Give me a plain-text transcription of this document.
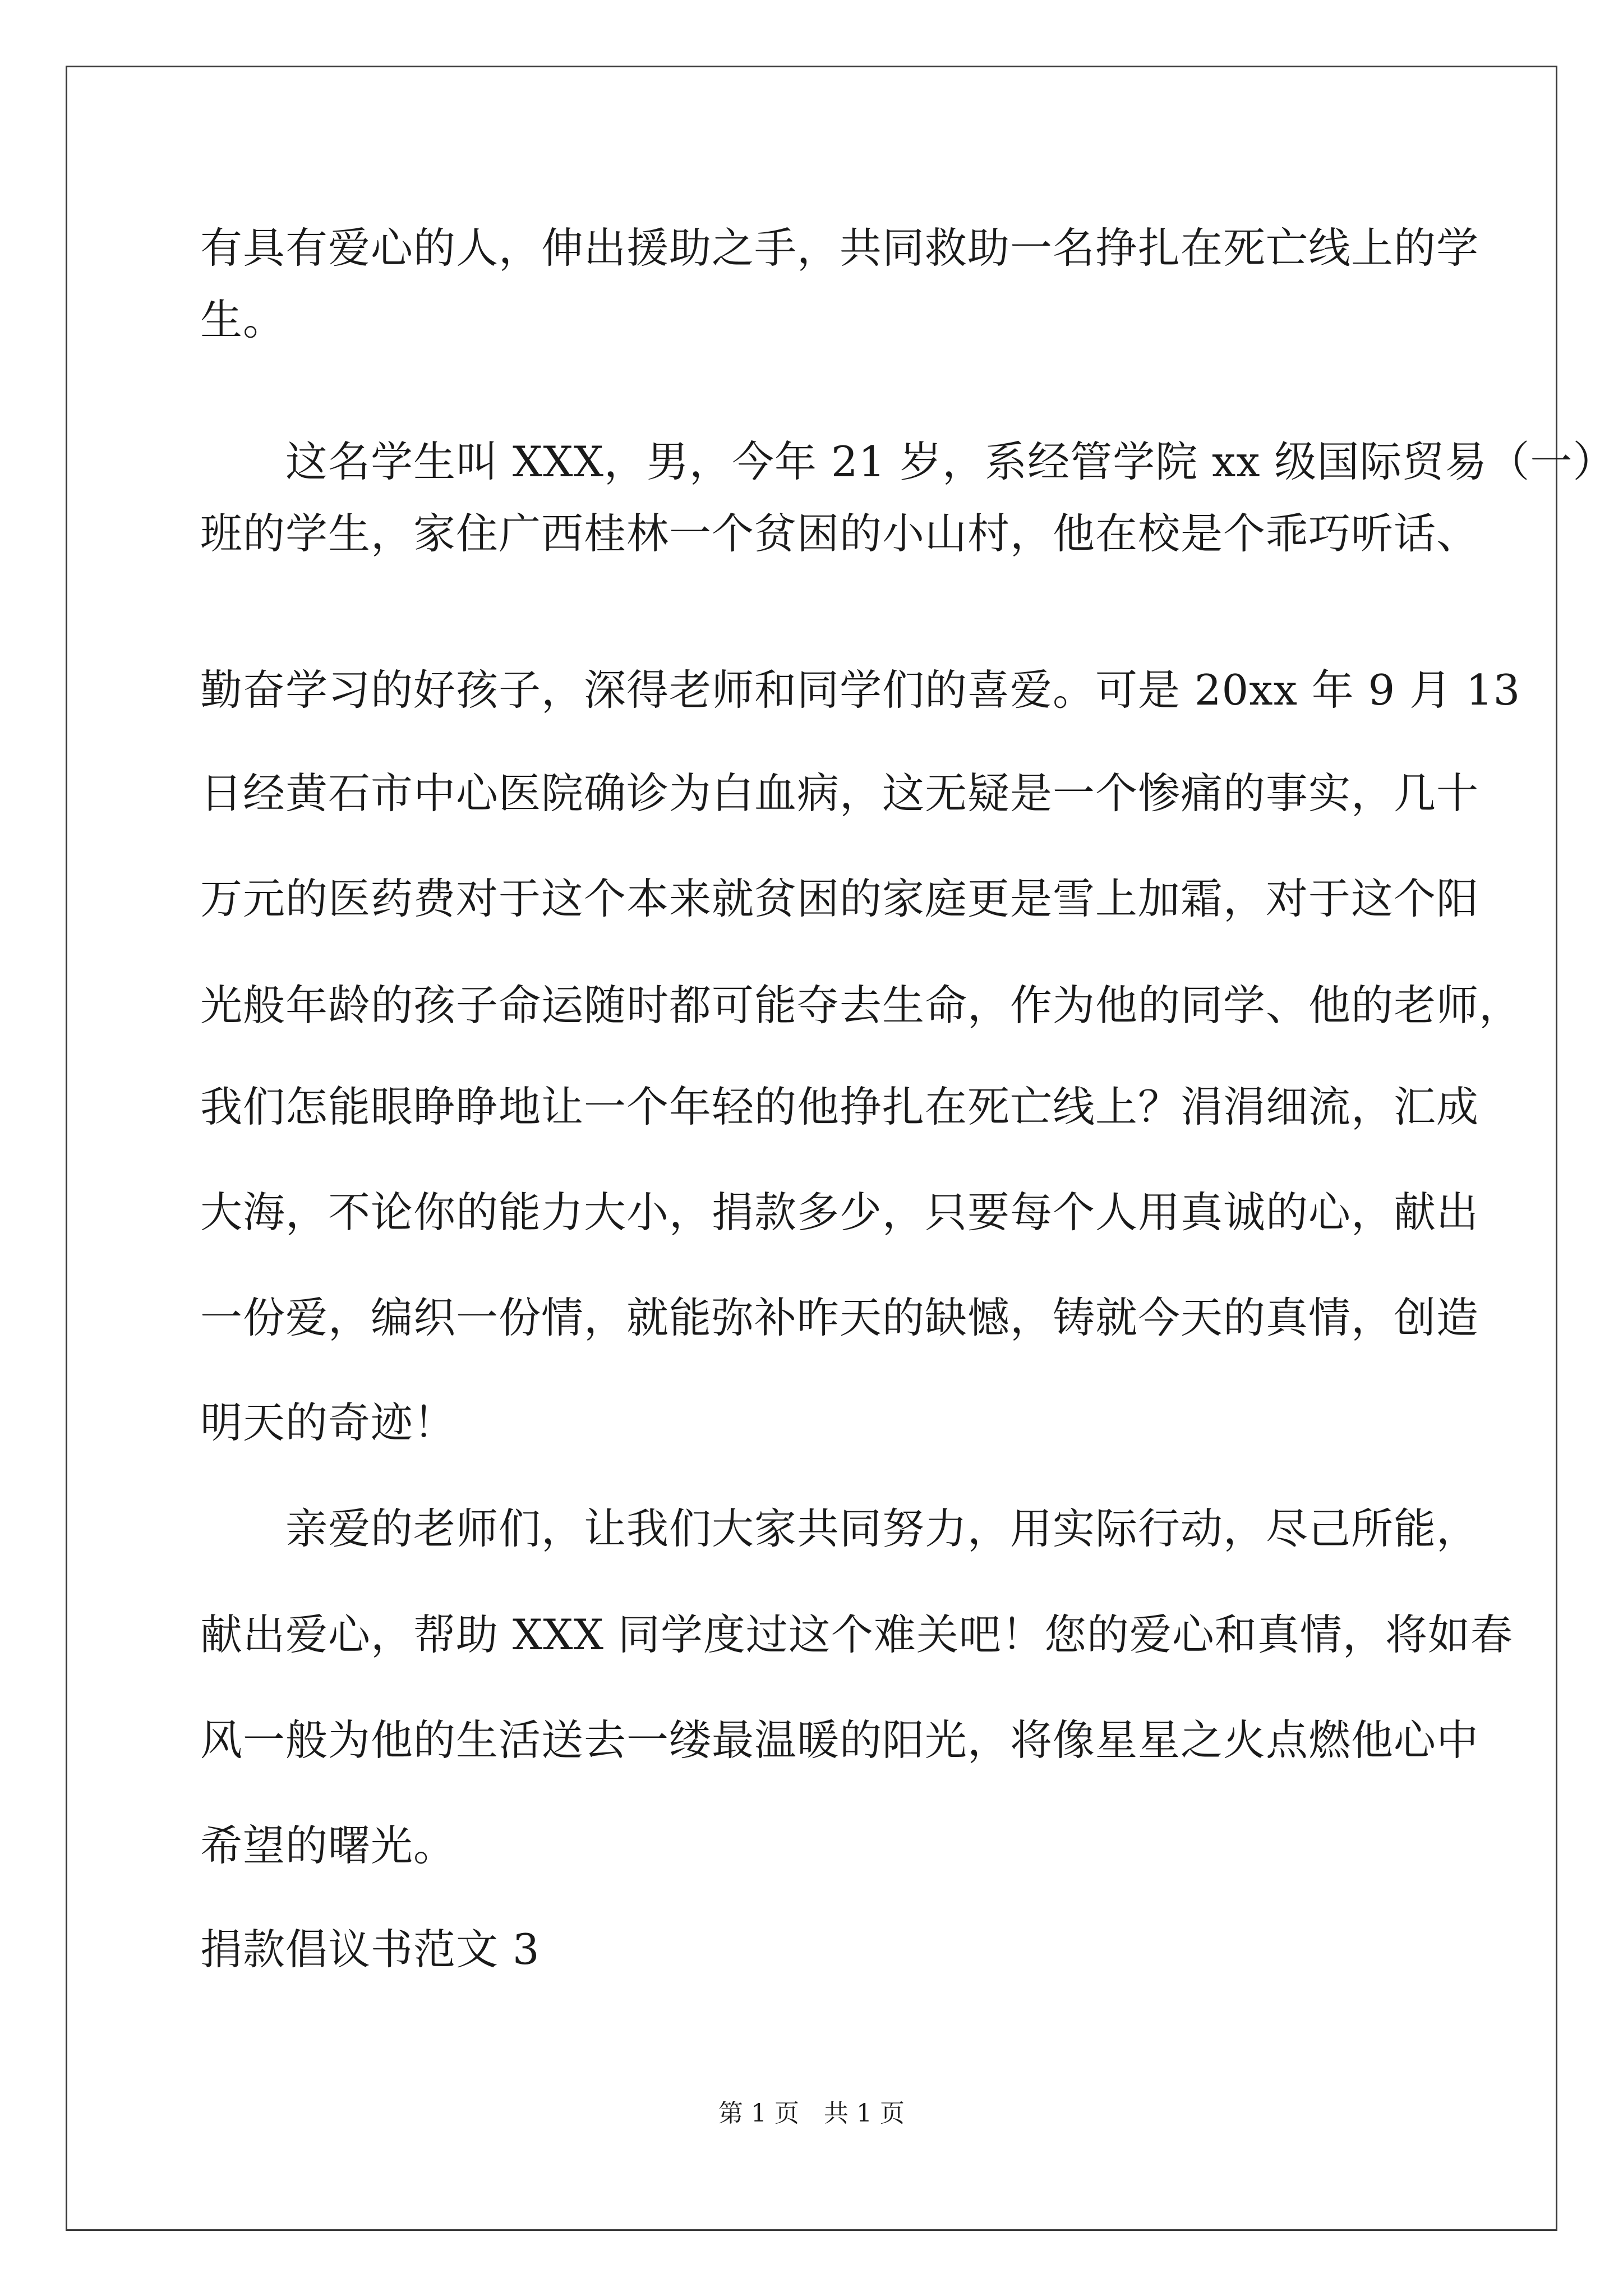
有具有爱心的人，伸出援助之手，共同救助一名挣扎在死亡线上的学
生。
　　这名学生叫 XXX，男，今年 21 岁，系经管学院 xx 级国际贸易（一）
班的学生，家住广西桂林一个贫困的小山村，他在校是个乖巧听话、
勤奋学习的好孩子，深得老师和同学们的喜爱。可是 20xx 年 9 月 13
日经黄石市中心医院确诊为白血病，这无疑是一个惨痛的事实，几十
万元的医药费对于这个本来就贫困的家庭更是雪上加霜，对于这个阳
光般年龄的孩子命运随时都可能夺去生命，作为他的同学、他的老师，
我们怎能眼睁睁地让一个年轻的他挣扎在死亡线上？涓涓细流，汇成
大海，不论你的能力大小，捐款多少，只要每个人用真诚的心，献出
一份爱，编织一份情，就能弥补昨天的缺憾，铸就今天的真情，创造
明天的奇迹！
　　亲爱的老师们，让我们大家共同努力，用实际行动，尽己所能，
献出爱心，帮助 XXX 同学度过这个难关吧！您的爱心和真情，将如春
风一般为他的生活送去一缕最温暖的阳光，将像星星之火点燃他心中
希望的曙光。
捐款倡议书范文 3
第 1 页　共 1 页
